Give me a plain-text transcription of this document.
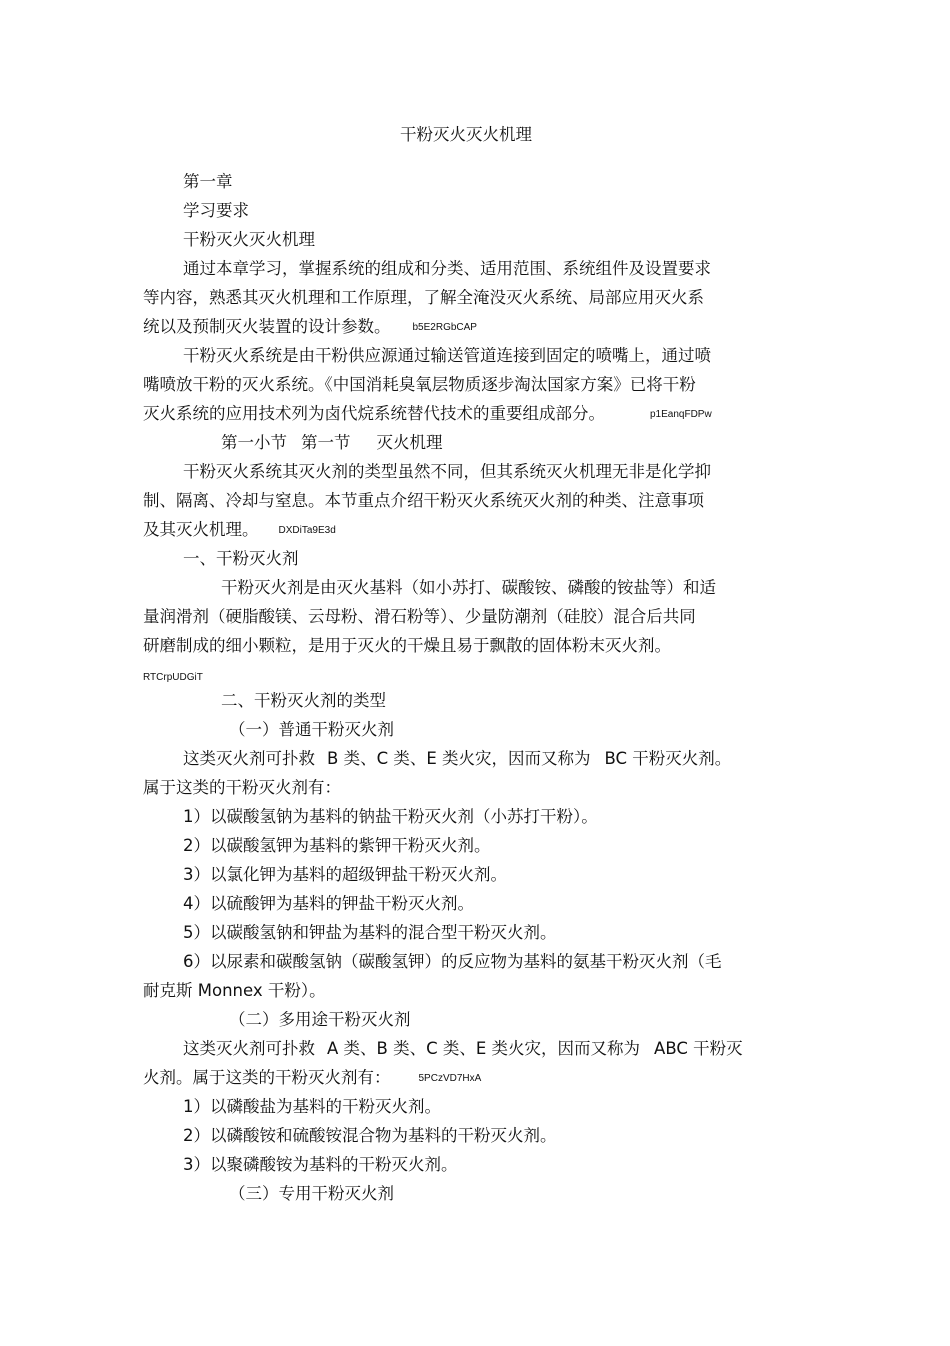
干粉灭火灭火机理
第一章
学习要求
干粉灭火灭火机理
通过本章学习，掌握系统的组成和分类、适用范围、系统组件及设置要求
等内容，熟悉其灭火机理和工作原理，了解全淹没灭火系统、局部应用灭火系
统以及预制灭火装置的设计参数。 b5E2RGbCAP
干粉灭火系统是由干粉供应源通过输送管道连接到固定的喷嘴上，通过喷
嘴喷放干粉的灭火系统。《中国消耗臭氧层物质逐步淘汰国家方案》已将干粉
灭火系统的应用技术列为卤代烷系统替代技术的重要组成部分。	p1EanqFDPw
第一小节 第一节 灭火机理
干粉灭火系统其灭火剂的类型虽然不同，但其系统灭火机理无非是化学抑
制、隔离、冷却与窒息。本节重点介绍干粉灭火系统灭火剂的种类、注意事项
及其灭火机理。 DXDiTa9E3d
一、干粉灭火剂
干粉灭火剂是由灭火基料（如小苏打、碳酸铵、磷酸的铵盐等）和适
量润滑剂（硬脂酸镁、云母粉、滑石粉等）、少量防潮剂（硅胶）混合后共同
研磨制成的细小颗粒，是用于灭火的干燥且易于飘散的固体粉末灭火剂。
RTCrpUDGiT
二、干粉灭火剂的类型
（一）普通干粉灭火剂
这类灭火剂可扑救 B 类、C 类、E 类火灾，因而又称为 BC 干粉灭火剂。
属于这类的干粉灭火剂有：
1）以碳酸氢钠为基料的钠盐干粉灭火剂（小苏打干粉）。
2）以碳酸氢钾为基料的紫钾干粉灭火剂。
3）以氯化钾为基料的超级钾盐干粉灭火剂。
4）以硫酸钾为基料的钾盐干粉灭火剂。
5）以碳酸氢钠和钾盐为基料的混合型干粉灭火剂。
6）以尿素和碳酸氢钠（碳酸氢钾）的反应物为基料的氨基干粉灭火剂（毛
耐克斯 Monnex 干粉）。
（二）多用途干粉灭火剂
这类灭火剂可扑救 A 类、B 类、C 类、E 类火灾，因而又称为 ABC 干粉灭
火剂。属于这类的干粉灭火剂有：	5PCzVD7HxA
1）以磷酸盐为基料的干粉灭火剂。
2）以磷酸铵和硫酸铵混合物为基料的干粉灭火剂。
3）以聚磷酸铵为基料的干粉灭火剂。
（三）专用干粉灭火剂
